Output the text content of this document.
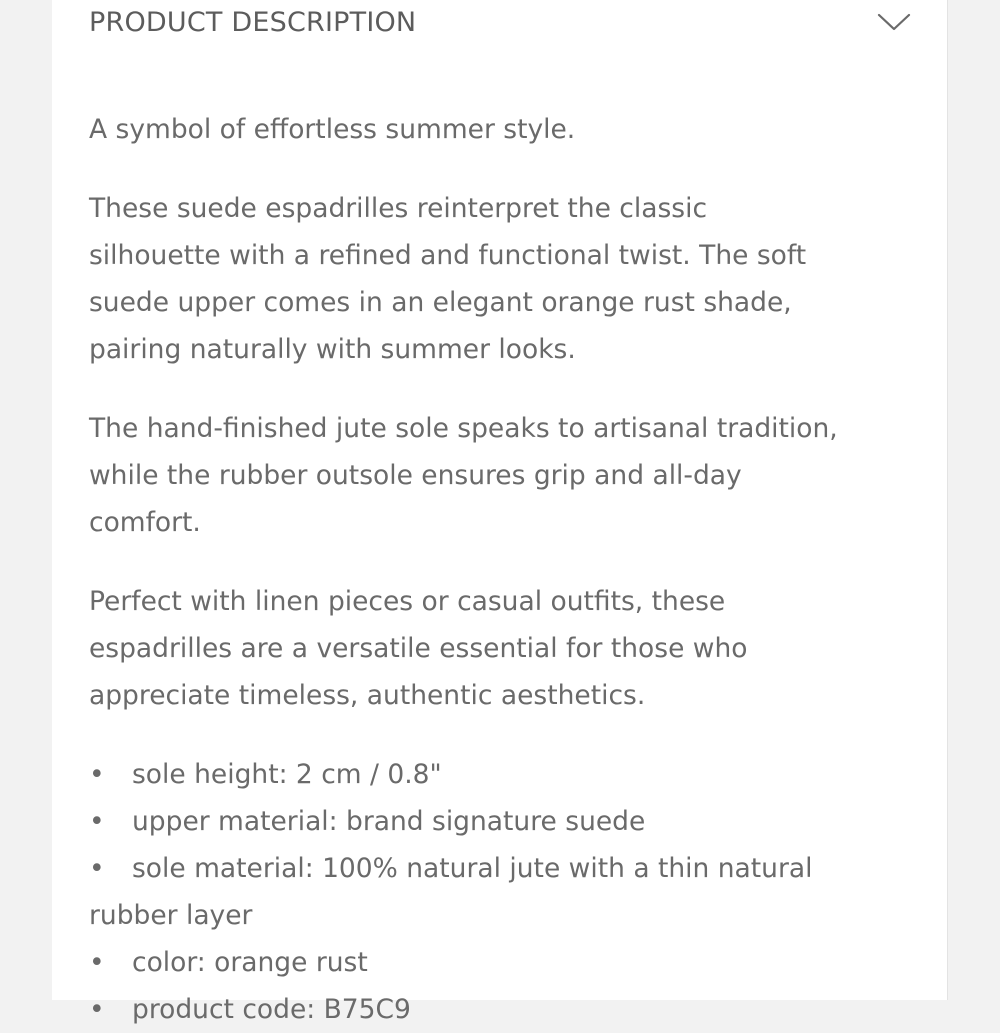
PRODUCT DESCRIPTION

A symbol of effortless summer style.

These suede espadrilles reinterpret the classic
silhouette with a refined and functional twist. The soft
suede upper comes in an elegant orange rust shade,
pairing naturally with summer looks.

The hand-finished jute sole speaks to artisanal tradition,
while the rubber outsole ensures grip and all-day
comfort.

Perfect with linen pieces or casual outfits, these
espadrilles are a versatile essential for those who
appreciate timeless, authentic aesthetics.

• sole height: 2 cm / 0.8"
• upper material: brand signature suede
• sole material: 100% natural jute with a thin natural
rubber layer
• color: orange rust
• product code: B75C9
